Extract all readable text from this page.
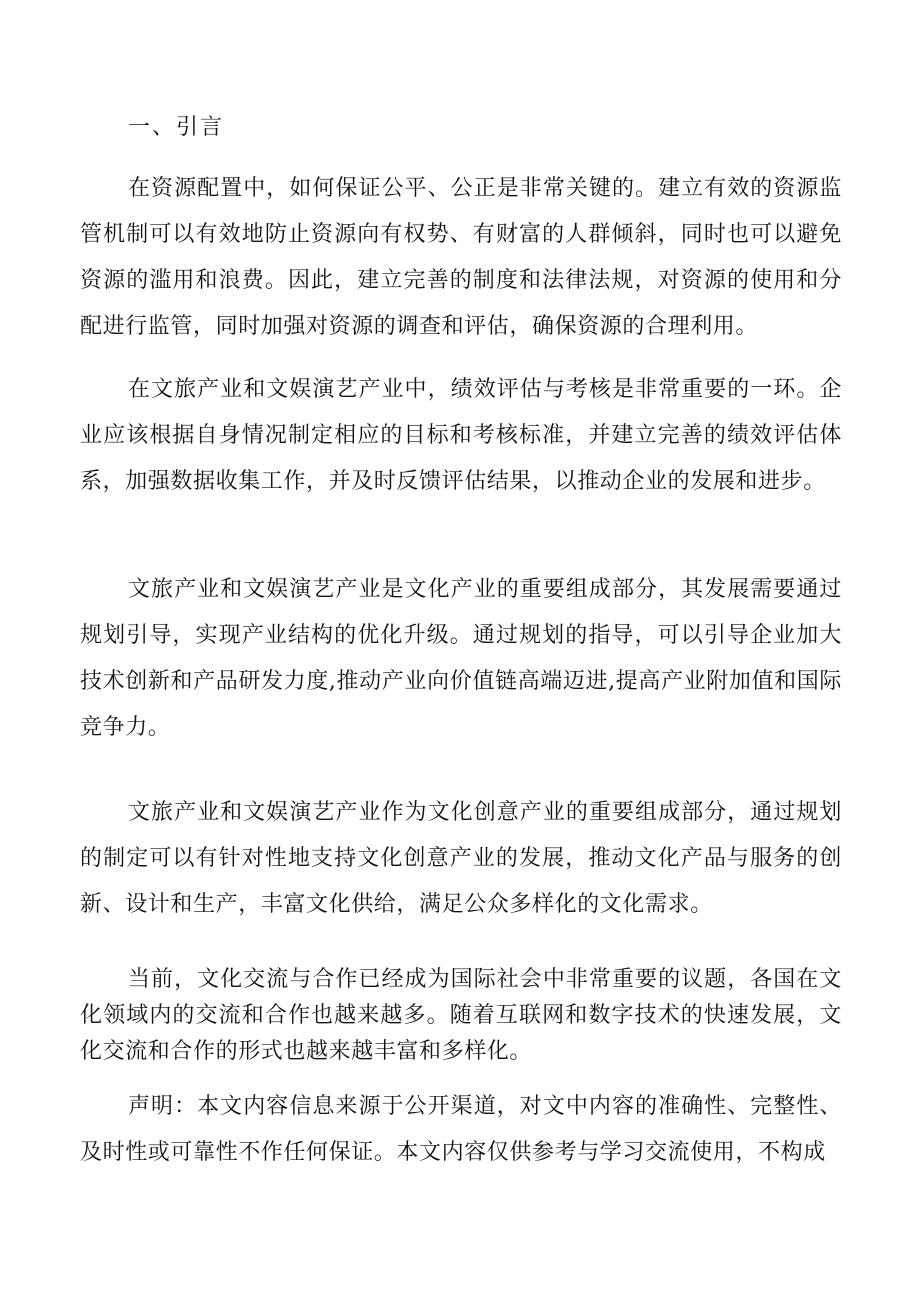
一、引言

在资源配置中，如何保证公平、公正是非常关键的。建立有效的资源监管机制可以有效地防止资源向有权势、有财富的人群倾斜，同时也可以避免资源的滥用和浪费。因此，建立完善的制度和法律法规，对资源的使用和分配进行监管，同时加强对资源的调查和评估，确保资源的合理利用。

在文旅产业和文娱演艺产业中，绩效评估与考核是非常重要的一环。企业应该根据自身情况制定相应的目标和考核标准，并建立完善的绩效评估体系，加强数据收集工作，并及时反馈评估结果，以推动企业的发展和进步。

文旅产业和文娱演艺产业是文化产业的重要组成部分，其发展需要通过规划引导，实现产业结构的优化升级。通过规划的指导，可以引导企业加大技术创新和产品研发力度,推动产业向价值链高端迈进,提高产业附加值和国际竞争力。

文旅产业和文娱演艺产业作为文化创意产业的重要组成部分，通过规划的制定可以有针对性地支持文化创意产业的发展，推动文化产品与服务的创新、设计和生产，丰富文化供给，满足公众多样化的文化需求。

当前，文化交流与合作已经成为国际社会中非常重要的议题，各国在文化领域内的交流和合作也越来越多。随着互联网和数字技术的快速发展，文化交流和合作的形式也越来越丰富和多样化。

声明：本文内容信息来源于公开渠道，对文中内容的准确性、完整性、及时性或可靠性不作任何保证。本文内容仅供参考与学习交流使用，不构成
